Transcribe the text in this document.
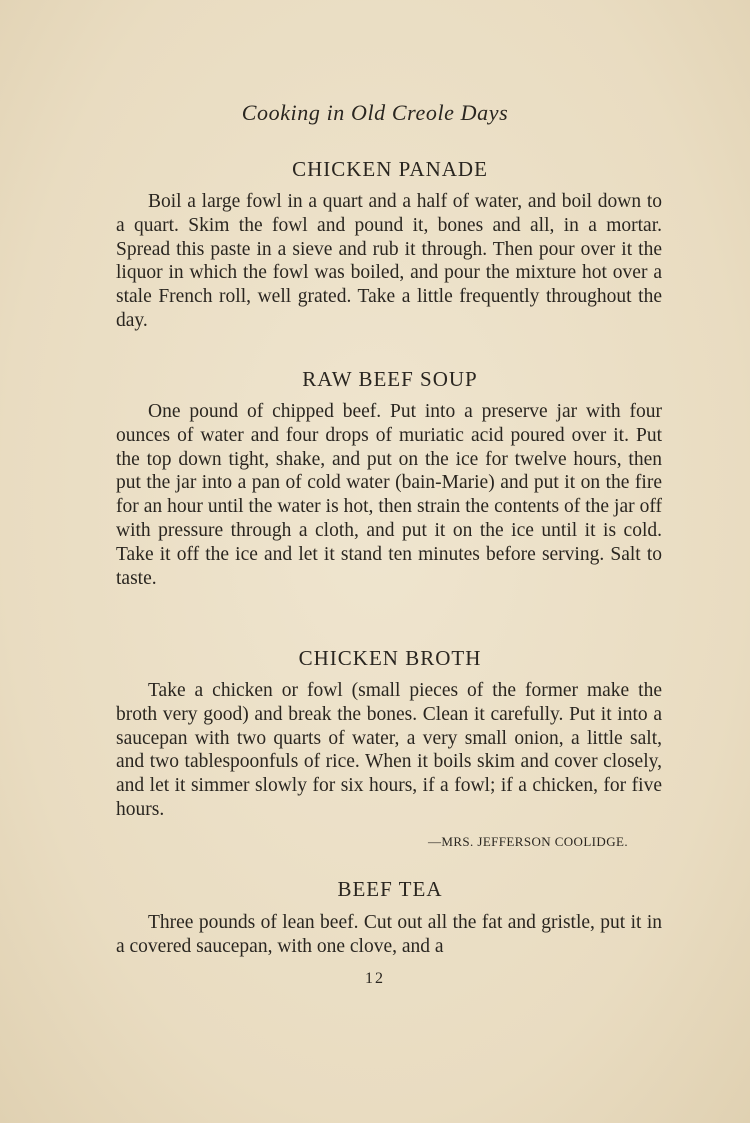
Cooking in Old Creole Days
CHICKEN PANADE
Boil a large fowl in a quart and a half of water, and boil down to a quart. Skim the fowl and pound it, bones and all, in a mortar. Spread this paste in a sieve and rub it through. Then pour over it the liquor in which the fowl was boiled, and pour the mixture hot over a stale French roll, well grated. Take a little frequently throughout the day.
RAW BEEF SOUP
One pound of chipped beef. Put into a preserve jar with four ounces of water and four drops of muriatic acid poured over it. Put the top down tight, shake, and put on the ice for twelve hours, then put the jar into a pan of cold water (bain-Marie) and put it on the fire for an hour until the water is hot, then strain the contents of the jar off with pressure through a cloth, and put it on the ice until it is cold. Take it off the ice and let it stand ten minutes before serving. Salt to taste.
CHICKEN BROTH
Take a chicken or fowl (small pieces of the former make the broth very good) and break the bones. Clean it carefully. Put it into a saucepan with two quarts of water, a very small onion, a little salt, and two tablespoonfuls of rice. When it boils skim and cover closely, and let it simmer slowly for six hours, if a fowl; if a chicken, for five hours.
—MRS. JEFFERSON COOLIDGE.
BEEF TEA
Three pounds of lean beef. Cut out all the fat and gristle, put it in a covered saucepan, with one clove, and a
12
